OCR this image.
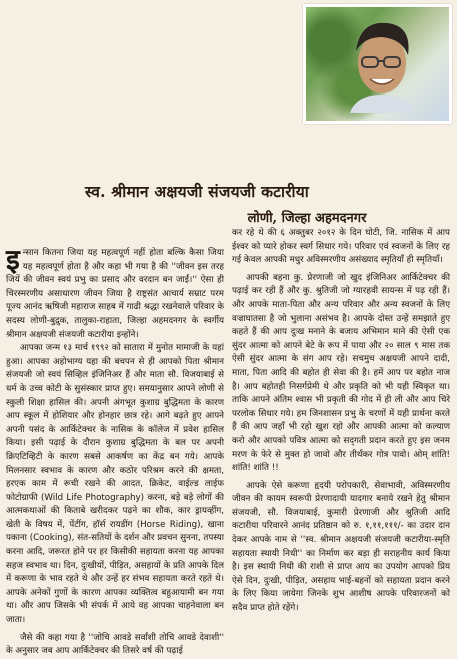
स्व. श्रीमान अक्षयजी संजयजी कटारीया
लोणी, जिल्हा अहमदनगर

इन्सान कितना जिया यह महत्वपूर्ण नहीं होता बल्कि कैसा जिया यह महत्वपूर्ण होता है और कहा भी गया है की ''जीवन इस तरह जियें की जीवन स्वयं प्रभु का प्रसाद और वरदान बन जाईं।'' ऐसा ही चिरस्मरणीय असाधारण जीवन जिया है राष्ट्रसंत आचार्य सम्राट परम पूज्य आनंद ऋषिजी महाराज साहब में गाढी श्रद्धा रखनेवाले परिवार के सदस्य लोणी-बुद्रुक, तालुका-राहाता, जिल्हा अहमदनगर के स्वर्गीय श्रीमान अक्षयजी संजयजी कटारीया इन्होंने।

आपका जन्म १३ मार्च १९९२ को सातारा में मुनोत मामाजी के यहां हुआ। आपका अहोभाग्य यहा की बचपन से ही आपको पिता श्रीमान संजयजी जो स्वयं सिव्हिल इंजिनिअर हैं और माता सौ. विजयाबाई से धर्म के उच्च कोटी के सुसंस्कार प्राप्त हुए। समयानुसार आपने लोणी से स्कुली शिक्षा हासिल की। अपनी अंगभूत कुशाग्र बुद्धिमता के कारण आप स्कूल में होशियार और होनहार छात्र रहे। आगे बढ़ते हुए आपने अपनी पसंद के आर्किटेक्चर के नासिक के कॉलेज में प्रवेश हासिल किया। इसी पढ़ाई के दौरान कुशाग्र बुद्धिमता के बल पर अपनी क्रिएटिव्हिटी के कारण सबसे आकर्षण का केंद्र बन गये। आपके मिलनसार स्वभाव के कारण और कठोर परिश्रम करने की क्षमता, हरएक काम में रूची रखने की आदत, क्रिकेट, वाईल्ड लाईफ फोटोग्राफी (Wild Life Photography) करना, बड़े बड़े लोगों की आत्मकथाओं की किताबे खरीदकर पढ़ने का शौक, कार ड्रायव्हींग, खेती के विषय में, पेंटींग, हॉर्स रायडींग (Horse Riding), खाना पकाना (Cooking), संत-सतियों के दर्शन और प्रवचन सुनना, तपस्या करना आदि, जरूरत होने पर हर किसीकी सहायता करना यह आपका सहज स्वभाव था। दिन, दुःखीयों, पीड़ित, असहायों के प्रति आपके दिल में करूणा के भाव रहते थे और उन्हें हर संभव सहायता करते रहते थे। आपके अनेकों गुणों के कारण आपका व्यक्तित्व बहुआयामी बन गया था। और आप जिसके भी संपर्क में आये वह आपका चाहनेवाला बन जाता।

जैसे की कहा गया है ''जोचि आवडे सर्वांशी तोचि आवडे देवाशी'' के अनुसार जब आप आर्किटेक्चर की तिसरे वर्ष की पढ़ाई

कर रहे थे की ६ अक्तुबर २०१२ के दिन घोटी, जि. नासिक में आप ईश्वर को प्यारे होकर स्वर्ग सिधार गये। परिवार एवं स्वजनों के लिए रह गई केवल आपकी मधुर अविस्मरणीय असंख्याद स्मृतियाँ ही स्मृतियाँ।

आपकी बहना कु. प्रेरणाजी जो खुद इंजिनिअर आर्किटेक्चर की पढ़ाई कर रही हैं और कु. श्रुतिजी जो ग्यारहवी सायन्स में पढ़ रही हैं। और आपके माता-पिता और अन्य परिवार और अन्य स्वजनों के लिए वज्राघातसा है जो भुलाना असंभव है। आपके दोस्त उन्हें समझाते हुए कहते हैं की आप दुःख मनाने के बजाय अभिमान माने की ऐसी एक सुंदर आत्मा को आपने बेटे के रूप में पाया और २० साल ९ मास तक ऐसी सुंदर आत्मा के संग आप रहे। सचमुच अक्षयजी आपने दादी, माता, पिता आदि की बहोत ही सेवा की है। हमें आप पर बहोत नाज है। आप बहोतही निसर्गप्रेमी थे और प्रकृति को भी यही स्विकृत था। ताकि आपने अंतिम श्वास भी प्रकृती की गोद में ही ली और आप चिरे परलोक सिधार गये। हम जिनशासन प्रभु के चरणों में यही प्रार्थना करते हैं की आप जहाँ भी रहो खुश रहो और आपकी आत्मा को कल्याण करो और आपको पवित्र आत्मा को सद्‌गती प्रदान करते हुए इस जनम मरण के फेरे से मुक्त हो जावो और तीर्थंकर गोत्र पावो। ओम् शांति! शांति! शांति !!

आपके ऐसे करूणा हृदयी परोपकारी, सेवाभावी, अविस्मरणीय जीवन की कायम स्वरूपी प्रेरणादायी यादगार बनाये रखने हेतु श्रीमान संजयजी, सौ. विजयाबाई, कुमारी प्रेरणाजी और श्रुतिजी आदि कटारीया परिवारने आनंद प्रतिष्ठान को रु. १,११,१११/- का उदार दान देकर आपके नाम से ''स्व. श्रीमान अक्षयजी संजयजी कटारीया-स्मृति सहायता स्थायी निधी'' का निर्माण कर बड़ा ही सराहनीय कार्य किया है। इस स्थायी निधी की राशी से प्राप्त आय का उपयोग आपको प्रिय ऐसे दिन, दुःखी, पीड़ित, असहाय भाई-बहनों को सहायता प्रदान करने के लिए किया जायेगा जिनके शुभ आशीष आपके परिवारजनों को सदैव प्राप्त होते रहेंगे।
